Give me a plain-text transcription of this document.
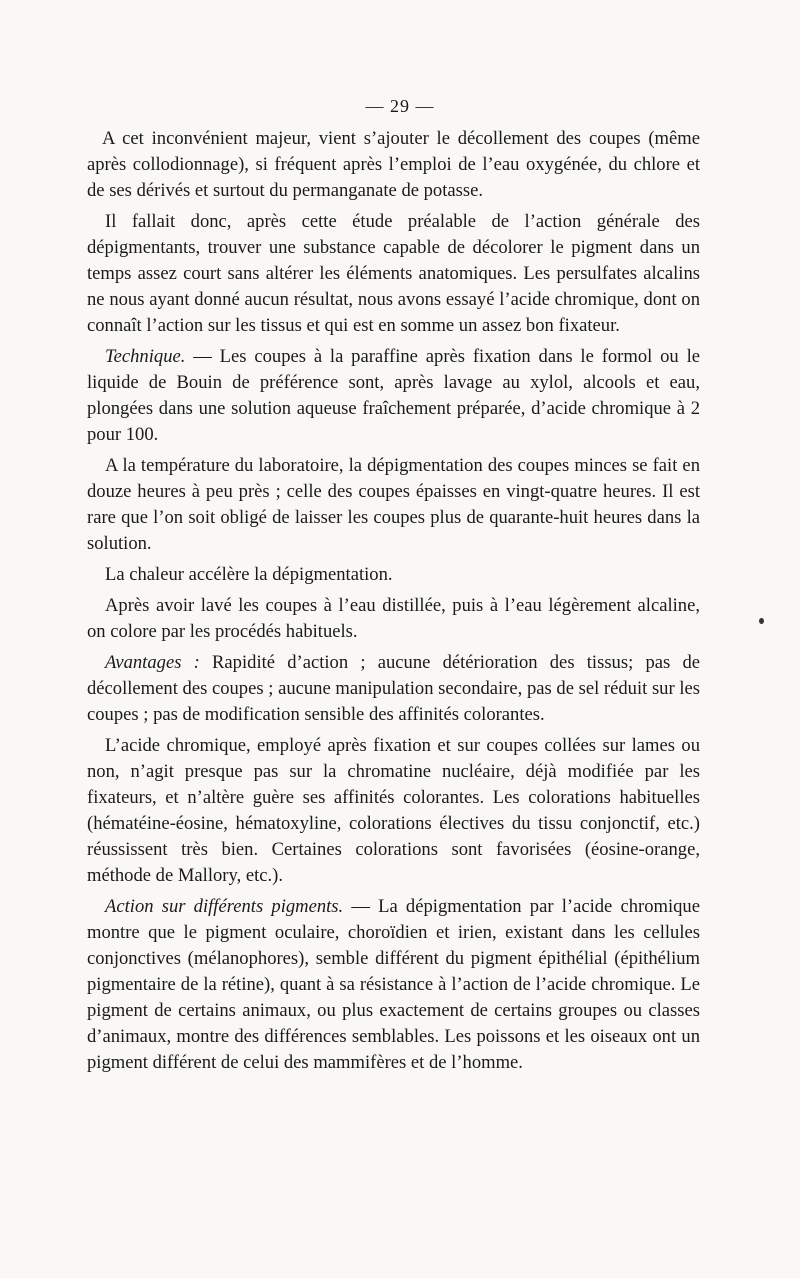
— 29 —

A cet inconvénient majeur, vient s’ajouter le décollement des coupes (même après collodionnage), si fréquent après l’emploi de l’eau oxygénée, du chlore et de ses dérivés et surtout du permanganate de potasse.

Il fallait donc, après cette étude préalable de l’action générale des dépigmentants, trouver une substance capable de décolorer le pigment dans un temps assez court sans altérer les éléments anatomiques. Les persulfates alcalins ne nous ayant donné aucun résultat, nous avons essayé l’acide chromique, dont on connaît l’action sur les tissus et qui est en somme un assez bon fixateur.

Technique. — Les coupes à la paraffine après fixation dans le formol ou le liquide de Bouin de préférence sont, après lavage au xylol, alcools et eau, plongées dans une solution aqueuse fraîchement préparée, d’acide chromique à 2 pour 100.

A la température du laboratoire, la dépigmentation des coupes minces se fait en douze heures à peu près ; celle des coupes épaisses en vingt-quatre heures. Il est rare que l’on soit obligé de laisser les coupes plus de quarante-huit heures dans la solution.

La chaleur accélère la dépigmentation.

Après avoir lavé les coupes à l’eau distillée, puis à l’eau légèrement alcaline, on colore par les procédés habituels.

Avantages : Rapidité d’action ; aucune détérioration des tissus; pas de décollement des coupes ; aucune manipulation secondaire, pas de sel réduit sur les coupes ; pas de modification sensible des affinités colorantes.

L’acide chromique, employé après fixation et sur coupes collées sur lames ou non, n’agit presque pas sur la chromatine nucléaire, déjà modifiée par les fixateurs, et n’altère guère ses affinités colorantes. Les colorations habituelles (hématéine-éosine, hématoxyline, colorations électives du tissu conjonctif, etc.) réussissent très bien. Certaines colorations sont favorisées (éosine-orange, méthode de Mallory, etc.).

Action sur différents pigments. — La dépigmentation par l’acide chromique montre que le pigment oculaire, choroïdien et irien, existant dans les cellules conjonctives (mélanophores), semble différent du pigment épithélial (épithélium pigmentaire de la rétine), quant à sa résistance à l’action de l’acide chromique. Le pigment de certains animaux, ou plus exactement de certains groupes ou classes d’animaux, montre des différences semblables. Les poissons et les oiseaux ont un pigment différent de celui des mammifères et de l’homme.
